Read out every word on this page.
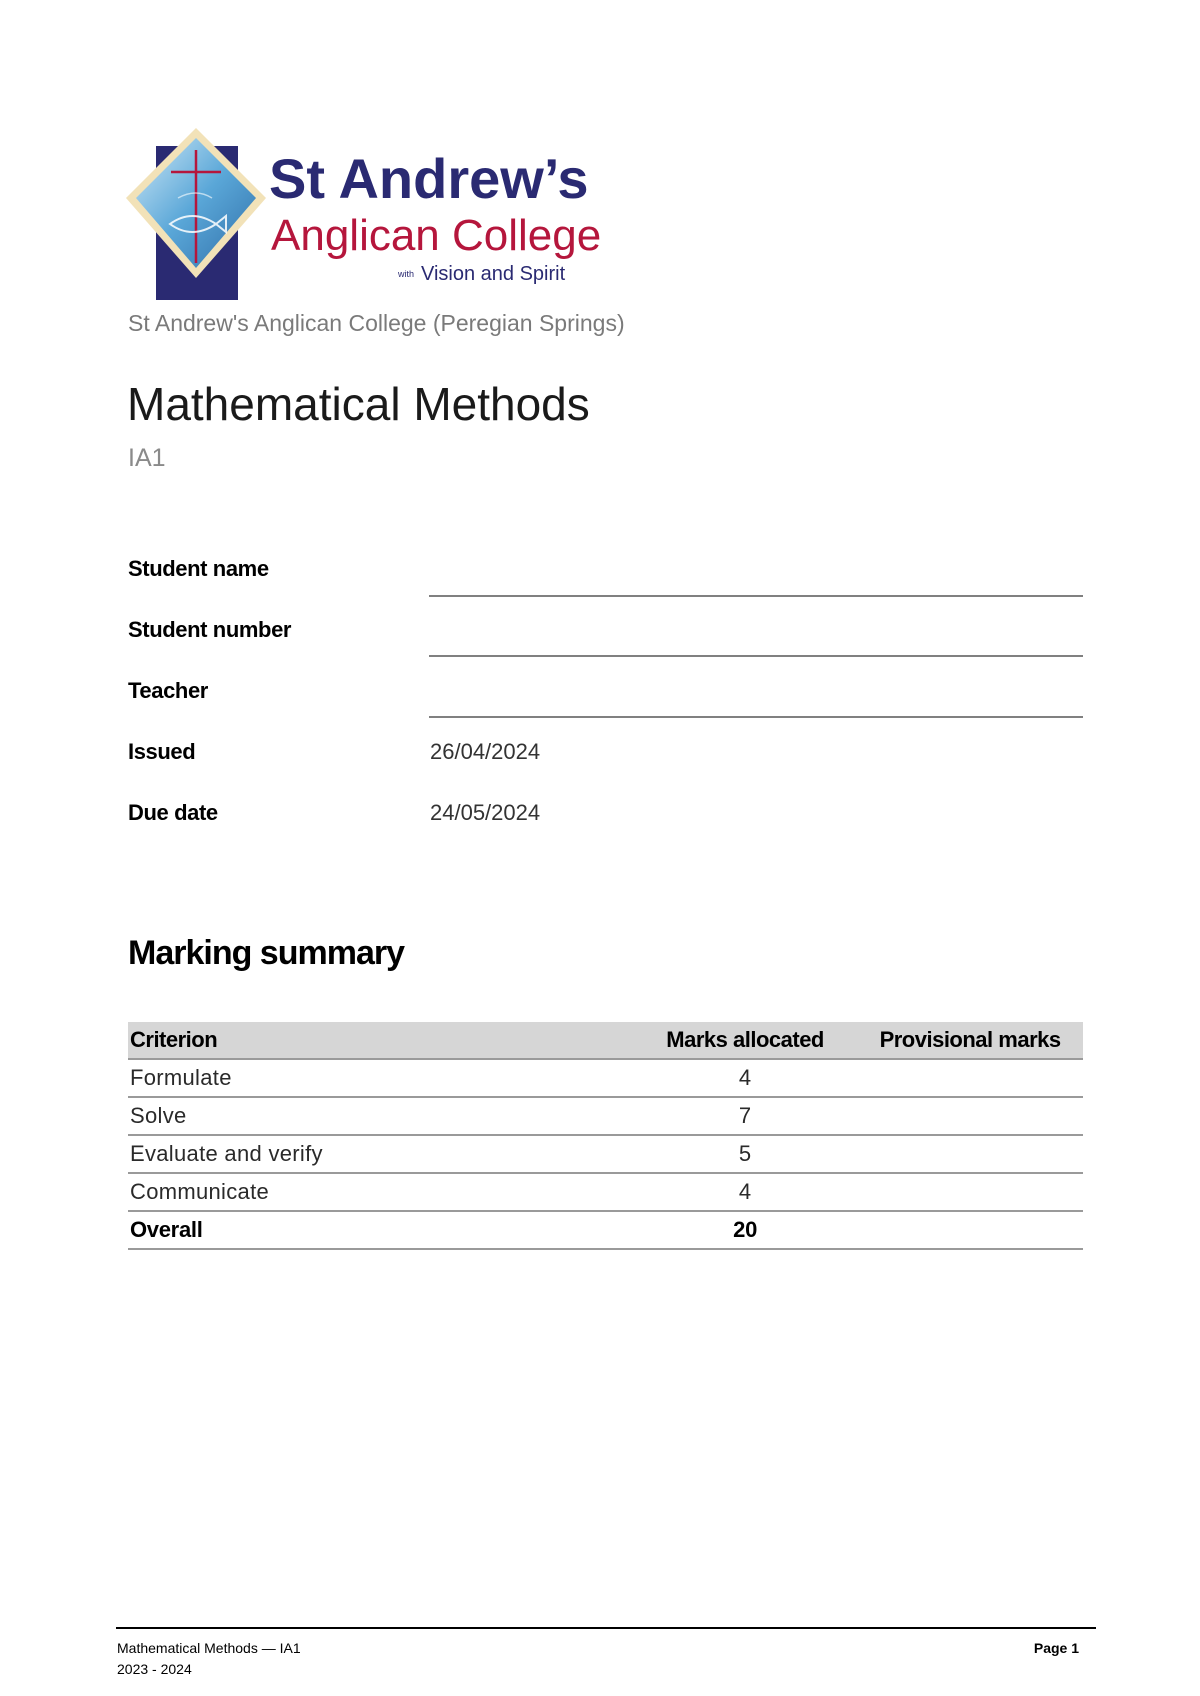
St Andrew’s
Anglican College
with Vision and Spirit
St Andrew's Anglican College (Peregian Springs)
Mathematical Methods
IA1
Student name
Student number
Teacher
Issued	26/04/2024
Due date	24/05/2024
Marking summary
Criterion	Marks allocated	Provisional marks
Formulate	4	
Solve	7	
Evaluate and verify	5	
Communicate	4	
Overall	20	
Mathematical Methods — IA1
2023 - 2024
Page 1
